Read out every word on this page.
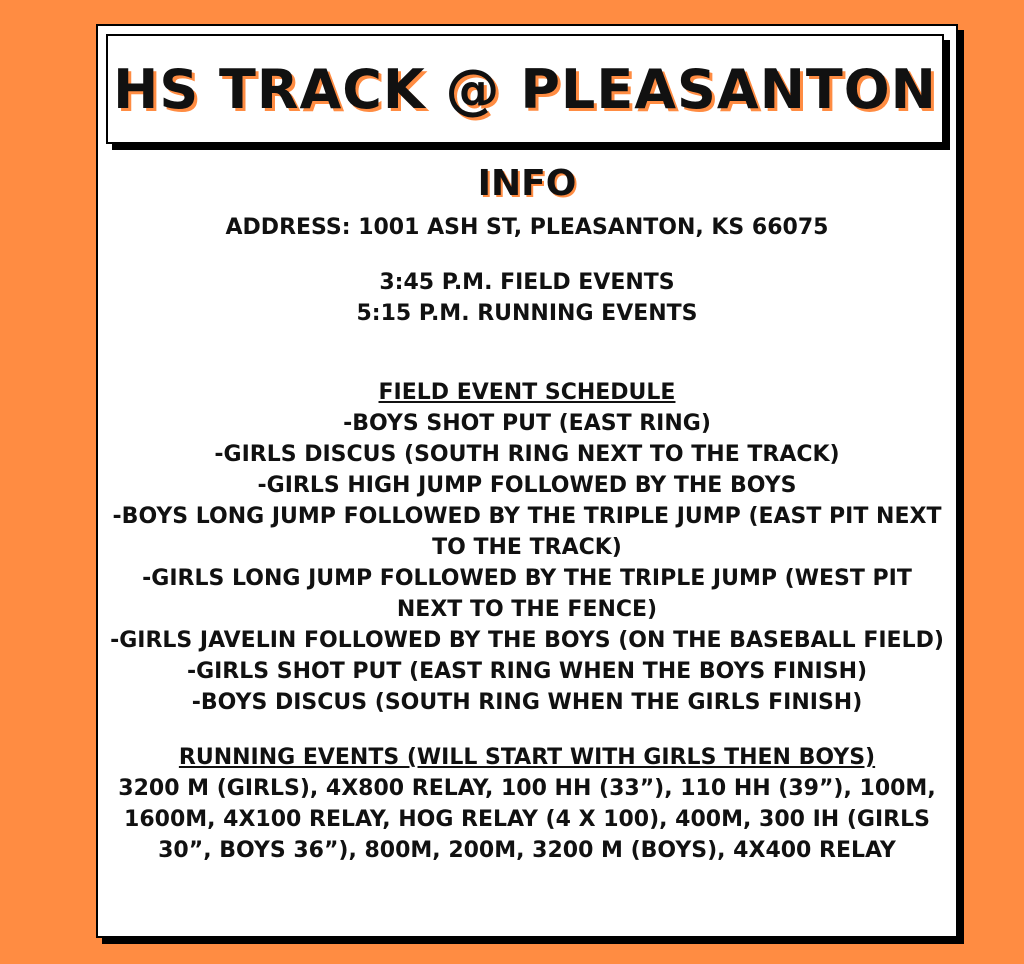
HS TRACK @ PLEASANTON

INFO

ADDRESS: 1001 ASH ST, PLEASANTON, KS 66075

3:45 P.M. FIELD EVENTS

5:15 P.M. RUNNING EVENTS

FIELD EVENT SCHEDULE

-BOYS SHOT PUT (EAST RING)

-GIRLS DISCUS (SOUTH RING NEXT TO THE TRACK)

-GIRLS HIGH JUMP FOLLOWED BY THE BOYS

-BOYS LONG JUMP FOLLOWED BY THE TRIPLE JUMP (EAST PIT NEXT TO THE TRACK)

-GIRLS LONG JUMP FOLLOWED BY THE TRIPLE JUMP (WEST PIT NEXT TO THE FENCE)

-GIRLS JAVELIN FOLLOWED BY THE BOYS (ON THE BASEBALL FIELD)

-GIRLS SHOT PUT (EAST RING WHEN THE BOYS FINISH)

-BOYS DISCUS (SOUTH RING WHEN THE GIRLS FINISH)

RUNNING EVENTS (WILL START WITH GIRLS THEN BOYS)

3200 M (GIRLS), 4X800 RELAY, 100 HH (33”), 110 HH (39”), 100M, 1600M, 4X100 RELAY, HOG RELAY (4 X 100), 400M, 300 IH (GIRLS 30”, BOYS 36”), 800M, 200M, 3200 M (BOYS), 4X400 RELAY
